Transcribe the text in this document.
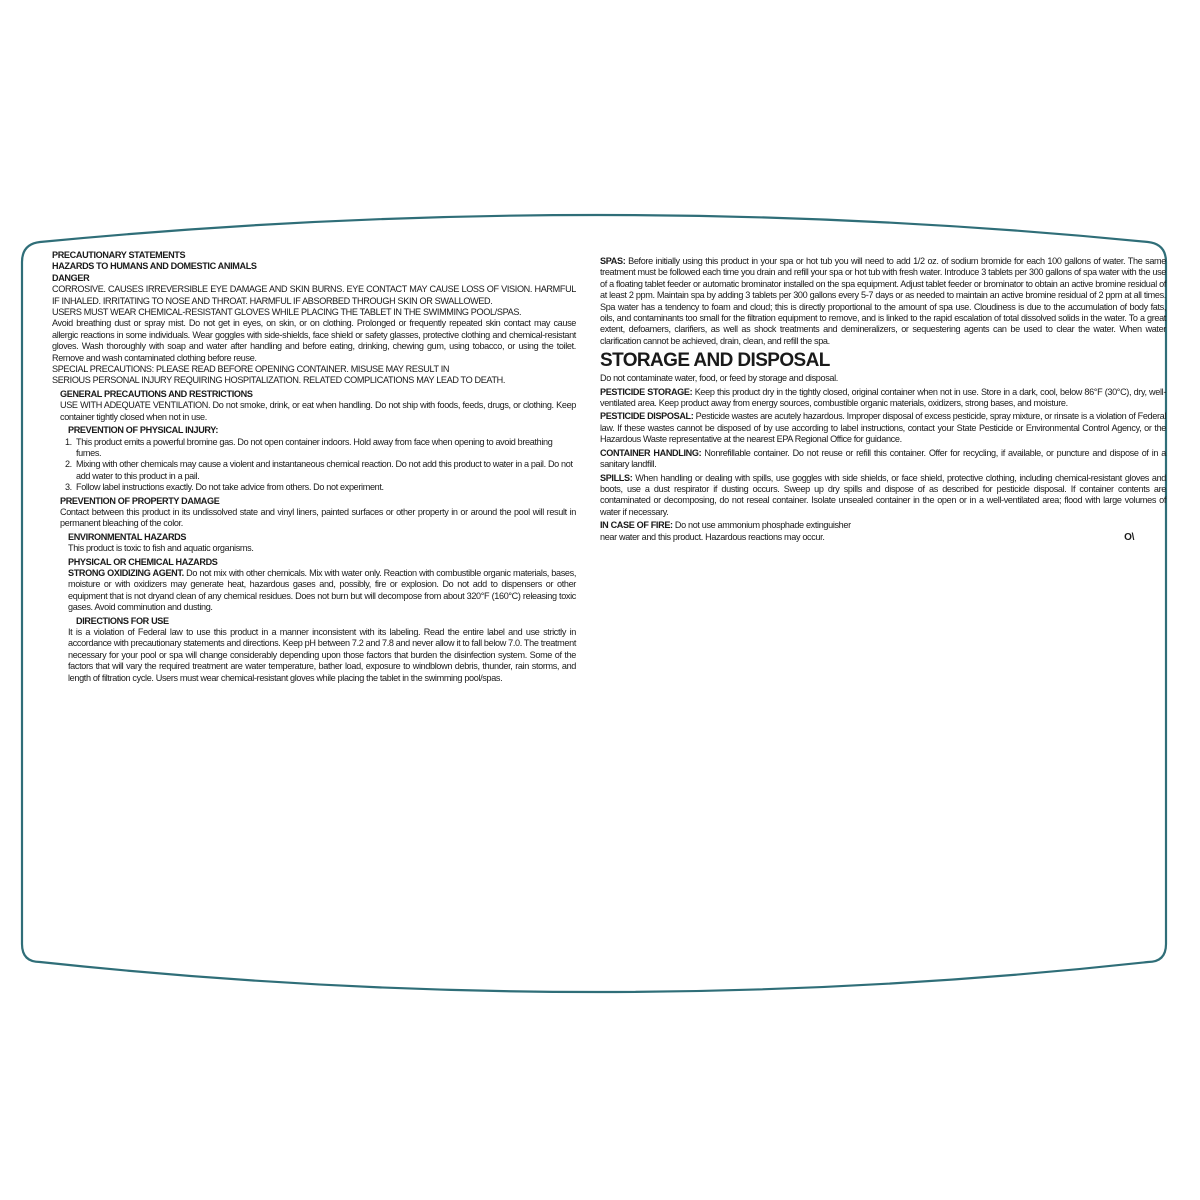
PRECAUTIONARY STATEMENTS

HAZARDS TO HUMANS AND DOMESTIC ANIMALS

DANGER

CORROSIVE. CAUSES IRREVERSIBLE EYE DAMAGE AND SKIN BURNS. EYE CONTACT MAY CAUSE LOSS OF VISION. HARMFUL IF INHALED. IRRITATING TO NOSE AND THROAT. HARMFUL IF ABSORBED THROUGH SKIN OR SWALLOWED.

USERS MUST WEAR CHEMICAL-RESISTANT GLOVES WHILE PLACING THE TABLET IN THE SWIMMING POOL/SPAS.

Avoid breathing dust or spray mist. Do not get in eyes, on skin, or on clothing. Prolonged or frequently repeated skin contact may cause allergic reactions in some individuals. Wear goggles with side-shields, face shield or safety glasses, protective clothing and chemical-resistant gloves. Wash thoroughly with soap and water after handling and before eating, drinking, chewing gum, using tobacco, or using the toilet. Remove and wash contaminated clothing before reuse.

SPECIAL PRECAUTIONS: PLEASE READ BEFORE OPENING CONTAINER. MISUSE MAY RESULT IN

SERIOUS PERSONAL INJURY REQUIRING HOSPITALIZATION. RELATED COMPLICATIONS MAY LEAD TO DEATH.

GENERAL PRECAUTIONS AND RESTRICTIONS

USE WITH ADEQUATE VENTILATION. Do not smoke, drink, or eat when handling. Do not ship with foods, feeds, drugs, or clothing. Keep container tightly closed when not in use.

PREVENTION OF PHYSICAL INJURY:

1. This product emits a powerful bromine gas. Do not open container indoors. Hold away from face when opening to avoid breathing fumes.
2. Mixing with other chemicals may cause a violent and instantaneous chemical reaction. Do not add this product to water in a pail. Do not add water to this product in a pail.
3. Follow label instructions exactly. Do not take advice from others. Do not experiment.

PREVENTION OF PROPERTY DAMAGE

Contact between this product in its undissolved state and vinyl liners, painted surfaces or other property in or around the pool will result in permanent bleaching of the color.

ENVIRONMENTAL HAZARDS

This product is toxic to fish and aquatic organisms.

PHYSICAL OR CHEMICAL HAZARDS

STRONG OXIDIZING AGENT. Do not mix with other chemicals. Mix with water only. Reaction with combustible organic materials, bases, moisture or with oxidizers may generate heat, hazardous gases and, possibly, fire or explosion. Do not add to dispensers or other equipment that is not dryand clean of any chemical residues. Does not burn but will decompose from about 320°F (160°C) releasing toxic gases. Avoid comminution and dusting.

DIRECTIONS FOR USE

It is a violation of Federal law to use this product in a manner inconsistent with its labeling. Read the entire label and use strictly in accordance with precautionary statements and directions. Keep pH between 7.2 and 7.8 and never allow it to fall below 7.0. The treatment necessary for your pool or spa will change considerably depending upon those factors that burden the disinfection system. Some of the factors that will vary the required treatment are water temperature, bather load, exposure to windblown debris, thunder, rain storms, and length of filtration cycle. Users must wear chemical-resistant gloves while placing the tablet in the swimming pool/spas.

SPAS: Before initially using this product in your spa or hot tub you will need to add 1/2 oz. of sodium bromide for each 100 gallons of water. The same treatment must be followed each time you drain and refill your spa or hot tub with fresh water. Introduce 3 tablets per 300 gallons of spa water with the use of a floating tablet feeder or automatic brominator installed on the spa equipment. Adjust tablet feeder or brominator to obtain an active bromine residual of at least 2 ppm. Maintain spa by adding 3 tablets per 300 gallons every 5-7 days or as needed to maintain an active bromine residual of 2 ppm at all times. Spa water has a tendency to foam and cloud; this is directly proportional to the amount of spa use. Cloudiness is due to the accumulation of body fats, oils, and contaminants too small for the filtration equipment to remove, and is linked to the rapid escalation of total dissolved solids in the water. To a great extent, defoamers, clarifiers, as well as shock treatments and demineralizers, or sequestering agents can be used to clear the water. When water clarification cannot be achieved, drain, clean, and refill the spa.

STORAGE AND DISPOSAL

Do not contaminate water, food, or feed by storage and disposal.

PESTICIDE STORAGE: Keep this product dry in the tightly closed, original container when not in use. Store in a dark, cool, below 86°F (30°C), dry, well-ventilated area. Keep product away from energy sources, combustible organic materials, oxidizers, strong bases, and moisture.

PESTICIDE DISPOSAL: Pesticide wastes are acutely hazardous. Improper disposal of excess pesticide, spray mixture, or rinsate is a violation of Federal law. If these wastes cannot be disposed of by use according to label instructions, contact your State Pesticide or Environmental Control Agency, or the Hazardous Waste representative at the nearest EPA Regional Office for guidance.

CONTAINER HANDLING: Nonrefillable container. Do not reuse or refill this container. Offer for recycling, if available, or puncture and dispose of in a sanitary landfill.

SPILLS: When handling or dealing with spills, use goggles with side shields, or face shield, protective clothing, including chemical-resistant gloves and boots, use a dust respirator if dusting occurs. Sweep up dry spills and dispose of as described for pesticide disposal. If container contents are contaminated or decomposing, do not reseal container. Isolate unsealed container in the open or in a well-ventilated area; flood with large volumes of water if necessary.

IN CASE OF FIRE: Do not use ammonium phosphade extinguisher

near water and this product. Hazardous reactions may occur.	O\
